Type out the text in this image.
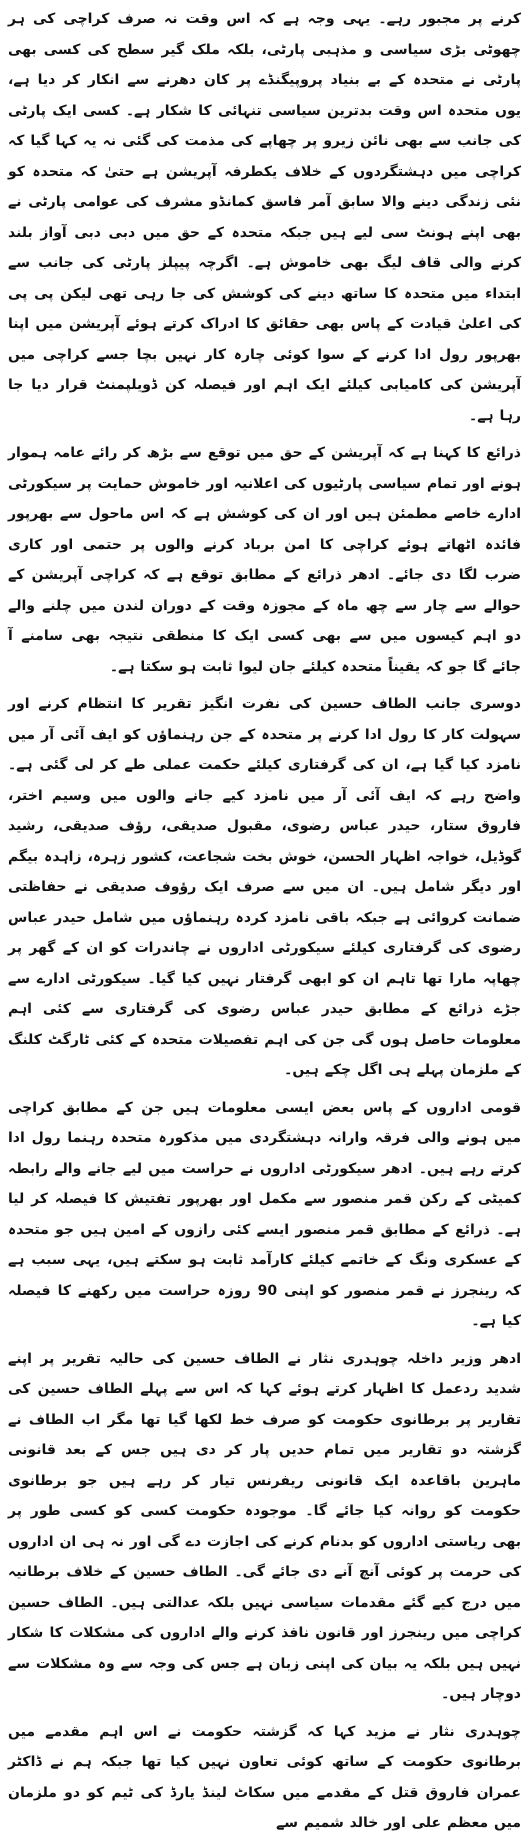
کرنے پر مجبور رہے۔ یہی وجہ ہے کہ اس وقت نہ صرف کراچی کی ہر چھوٹی بڑی سیاسی و مذہبی پارٹی، بلکہ ملک گیر سطح کی کسی بھی پارٹی نے متحدہ کے بے بنیاد پروپیگنڈے پر کان دھرنے سے انکار کر دیا ہے، یوں متحدہ اس وقت بدترین سیاسی تنہائی کا شکار ہے۔ کسی ایک پارٹی کی جانب سے بھی نائن زیرو پر چھاپے کی مذمت کی گئی نہ یہ کہا گیا کہ کراچی میں دہشتگردوں کے خلاف یکطرفہ آپریشن ہے حتیٰ کہ متحدہ کو نئی زندگی دینے والا سابق آمر فاسق کمانڈو مشرف کی عوامی پارٹی نے بھی اپنے ہونٹ سی لیے ہیں جبکہ متحدہ کے حق میں دبی دبی آواز بلند کرنے والی قاف لیگ بھی خاموش ہے۔ اگرچہ پیپلز پارٹی کی جانب سے ابتداء میں متحدہ کا ساتھ دینے کی کوشش کی جا رہی تھی لیکن پی پی کی اعلیٰ قیادت کے پاس بھی حقائق کا ادراک کرتے ہوئے آپریشن میں اپنا بھرپور رول ادا کرنے کے سوا کوئی چارہ کار نہیں بچا جسے کراچی میں آپریشن کی کامیابی کیلئے ایک اہم اور فیصلہ کن ڈویلپمنٹ قرار دیا جا رہا ہے۔

ذرائع کا کہنا ہے کہ آپریشن کے حق میں توقع سے بڑھ کر رائے عامہ ہموار ہونے اور تمام سیاسی پارٹیوں کی اعلانیہ اور خاموش حمایت پر سیکورٹی ادارے خاصے مطمئن ہیں اور ان کی کوشش ہے کہ اس ماحول سے بھرپور فائدہ اٹھاتے ہوئے کراچی کا امن برباد کرنے والوں پر حتمی اور کاری ضرب لگا دی جائے۔ ادھر ذرائع کے مطابق توقع ہے کہ کراچی آپریشن کے حوالے سے چار سے چھ ماہ کے مجوزہ وقت کے دوران لندن میں چلنے والے دو اہم کیسوں میں سے بھی کسی ایک کا منطقی نتیجہ بھی سامنے آ جائے گا جو کہ یقیناً متحدہ کیلئے جان لیوا ثابت ہو سکتا ہے۔

دوسری جانب الطاف حسین کی نفرت انگیز تقریر کا انتظام کرنے اور سہولت کار کا رول ادا کرنے پر متحدہ کے جن رہنماؤں کو ایف آئی آر میں نامزد کیا گیا ہے، ان کی گرفتاری کیلئے حکمت عملی طے کر لی گئی ہے۔ واضح رہے کہ ایف آئی آر میں نامزد کیے جانے والوں میں وسیم اختر، فاروق ستار، حیدر عباس رضوی، مقبول صدیقی، رؤف صدیقی، رشید گوڈیل، خواجہ اظہار الحسن، خوش بخت شجاعت، کشور زہرہ، زاہدہ بیگم اور دیگر شامل ہیں۔ ان میں سے صرف ایک رؤوف صدیقی نے حفاظتی ضمانت کروائی ہے جبکہ باقی نامزد کردہ رہنماؤں میں شامل حیدر عباس رضوی کی گرفتاری کیلئے سیکورٹی اداروں نے چاندرات کو ان کے گھر پر چھاپہ مارا تھا تاہم ان کو ابھی گرفتار نہیں کیا گیا۔ سیکورٹی ادارے سے جڑے ذرائع کے مطابق حیدر عباس رضوی کی گرفتاری سے کئی اہم معلومات حاصل ہوں گی جن کی اہم تفصیلات متحدہ کے کئی ٹارگٹ کلنگ کے ملزمان پہلے ہی اگل چکے ہیں۔

قومی اداروں کے پاس بعض ایسی معلومات ہیں جن کے مطابق کراچی میں ہونے والی فرقہ وارانہ دہشتگردی میں مذکورہ متحدہ رہنما رول ادا کرتے رہے ہیں۔ ادھر سیکورٹی اداروں نے حراست میں لیے جانے والے رابطہ کمیٹی کے رکن قمر منصور سے مکمل اور بھرپور تفتیش کا فیصلہ کر لیا ہے۔ ذرائع کے مطابق قمر منصور ایسے کئی رازوں کے امین ہیں جو متحدہ کے عسکری ونگ کے خاتمے کیلئے کارآمد ثابت ہو سکتے ہیں، یہی سبب ہے کہ رینجرز نے قمر منصور کو اپنی 90 روزہ حراست میں رکھنے کا فیصلہ کیا ہے۔

ادھر وزیر داخلہ چوہدری نثار نے الطاف حسین کی حالیہ تقریر پر اپنے شدید ردعمل کا اظہار کرتے ہوئے کہا کہ اس سے پہلے الطاف حسین کی تقاریر پر برطانوی حکومت کو صرف خط لکھا گیا تھا مگر اب الطاف نے گزشتہ دو تقاریر میں تمام حدیں پار کر دی ہیں جس کے بعد قانونی ماہرین باقاعدہ ایک قانونی ریفرنس تیار کر رہے ہیں جو برطانوی حکومت کو روانہ کیا جائے گا۔ موجودہ حکومت کسی کو کسی طور پر بھی ریاستی اداروں کو بدنام کرنے کی اجازت دے گی اور نہ ہی ان اداروں کی حرمت پر کوئی آنچ آنے دی جائے گی۔ الطاف حسین کے خلاف برطانیہ میں درج کیے گئے مقدمات سیاسی نہیں بلکہ عدالتی ہیں۔ الطاف حسین کراچی میں رینجرز اور قانون نافذ کرنے والے اداروں کی مشکلات کا شکار نہیں ہیں بلکہ یہ بیان کی اپنی زبان ہے جس کی وجہ سے وہ مشکلات سے دوچار ہیں۔

چوہدری نثار نے مزید کہا کہ گزشتہ حکومت نے اس اہم مقدمے میں برطانوی حکومت کے ساتھ کوئی تعاون نہیں کیا تھا جبکہ ہم نے ڈاکٹر عمران فاروق قتل کے مقدمے میں سکاٹ لینڈ یارڈ کی ٹیم کو دو ملزمان میں معظم علی اور خالد شمیم سے
